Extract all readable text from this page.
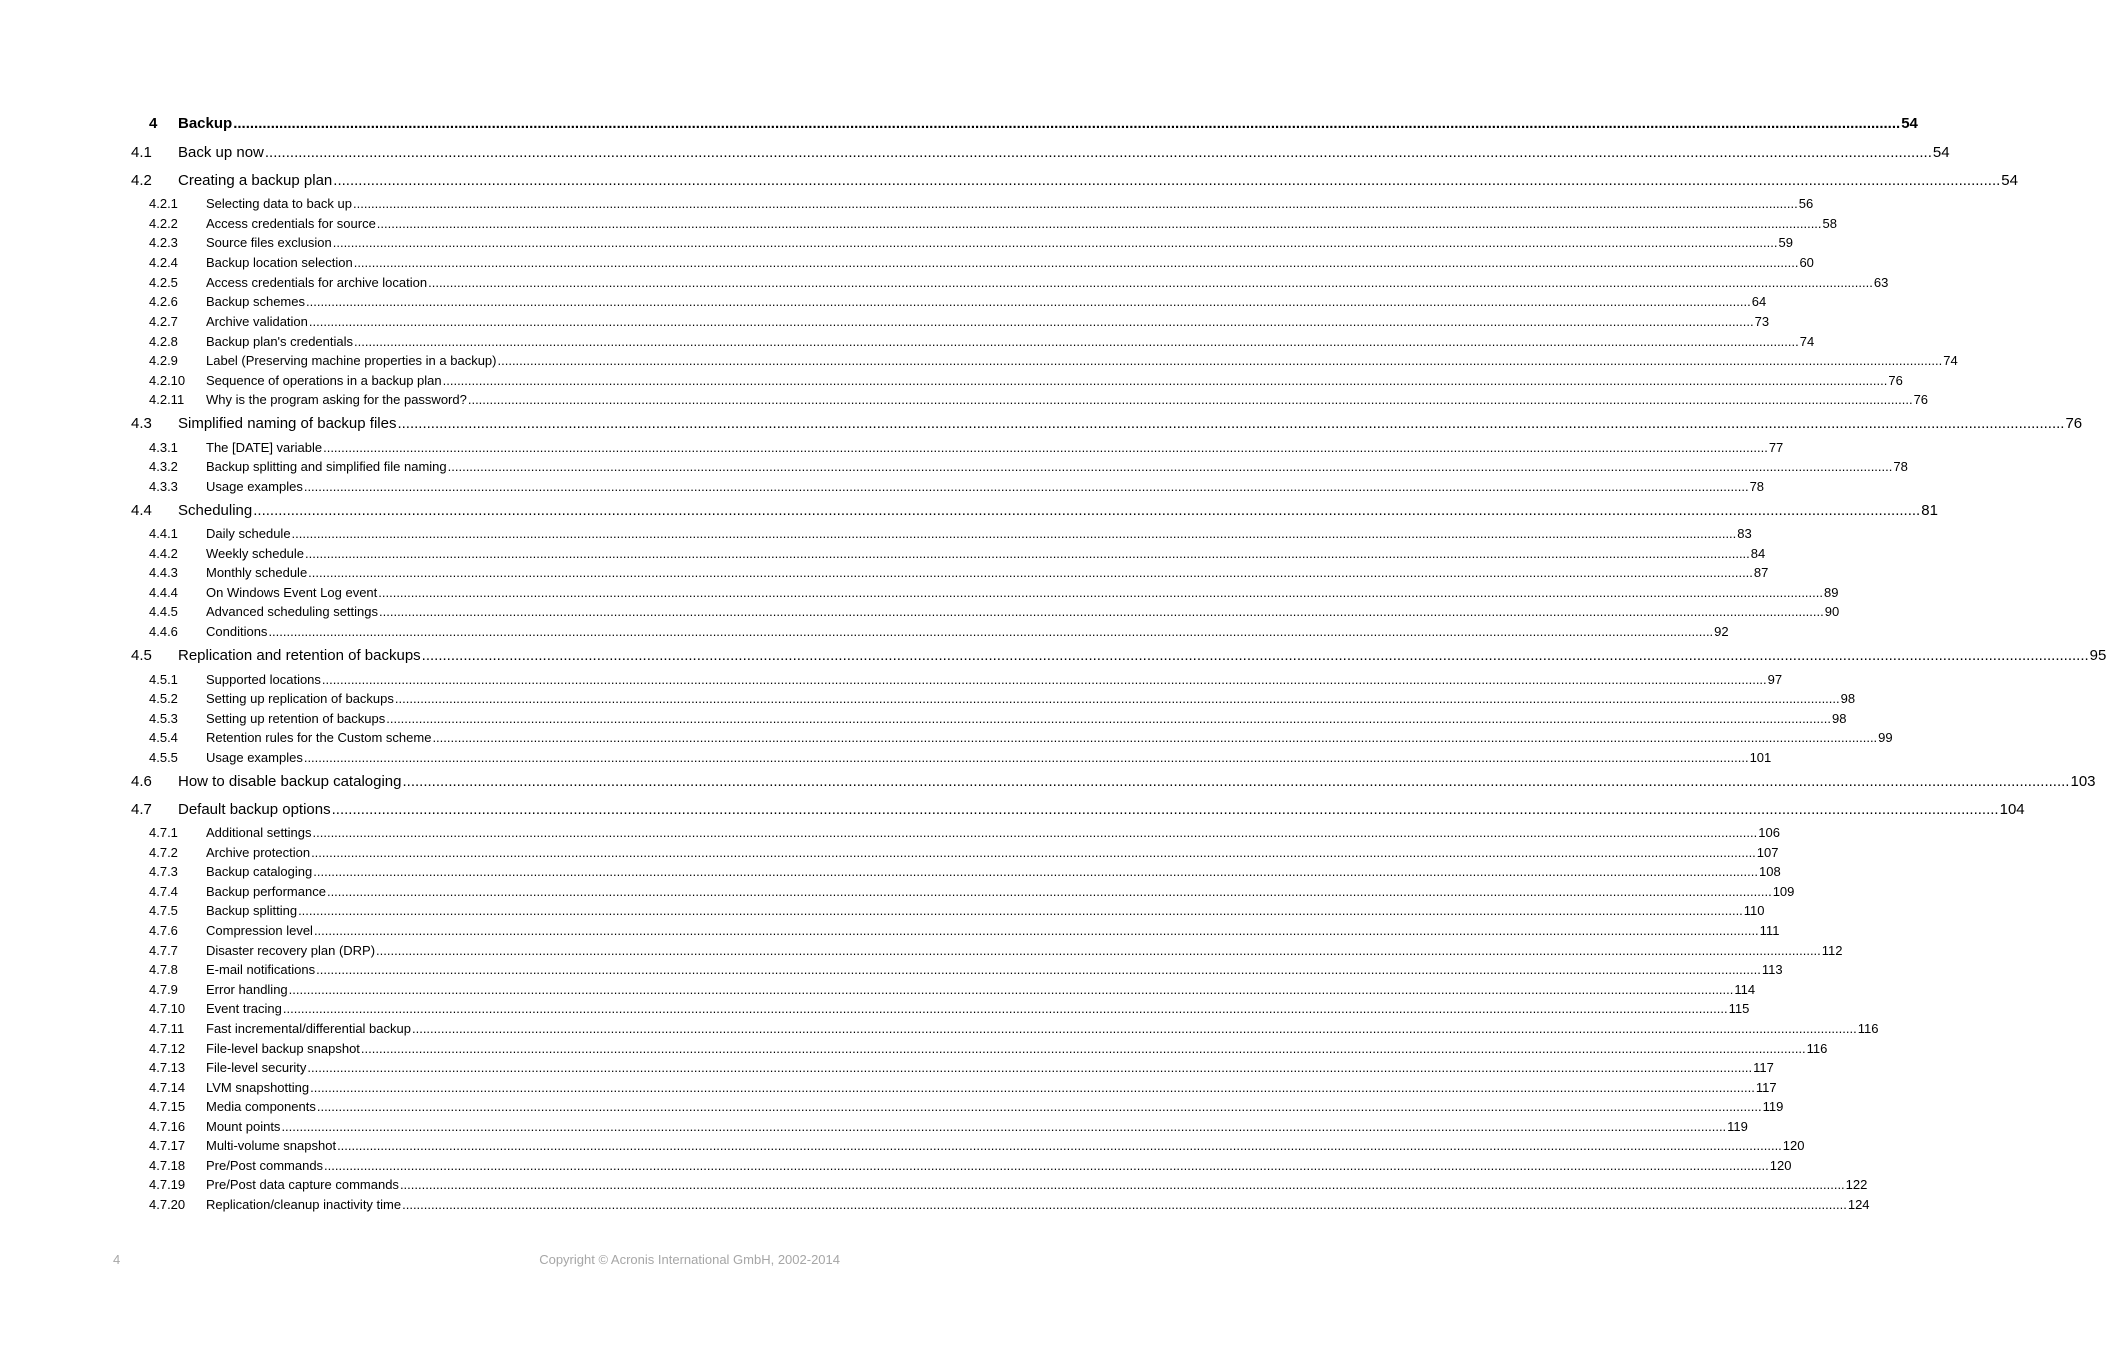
4	Backup ................................................................................................................................................................................................................................................................................................................................................................................................................ 54
4.1	Back up now ................................................................................................................................................................................................................................................................................................................................................................................................................ 54
4.2	Creating a backup plan ................................................................................................................................................................................................................................................................................................................................................................................................................ 54
4.2.1	Selecting data to back up ................................................................................................................................................................................................................................................................................................................................................................................................................ 56
4.2.2	Access credentials for source ................................................................................................................................................................................................................................................................................................................................................................................................................ 58
4.2.3	Source files exclusion ................................................................................................................................................................................................................................................................................................................................................................................................................ 59
4.2.4	Backup location selection ................................................................................................................................................................................................................................................................................................................................................................................................................ 60
4.2.5	Access credentials for archive location ................................................................................................................................................................................................................................................................................................................................................................................................................ 63
4.2.6	Backup schemes ................................................................................................................................................................................................................................................................................................................................................................................................................ 64
4.2.7	Archive validation ................................................................................................................................................................................................................................................................................................................................................................................................................ 73
4.2.8	Backup plan's credentials ................................................................................................................................................................................................................................................................................................................................................................................................................ 74
4.2.9	Label (Preserving machine properties in a backup) ................................................................................................................................................................................................................................................................................................................................................................................................................ 74
4.2.10	Sequence of operations in a backup plan ................................................................................................................................................................................................................................................................................................................................................................................................................ 76
4.2.11	Why is the program asking for the password? ................................................................................................................................................................................................................................................................................................................................................................................................................ 76
4.3	Simplified naming of backup files ................................................................................................................................................................................................................................................................................................................................................................................................................ 76
4.3.1	The [DATE] variable ................................................................................................................................................................................................................................................................................................................................................................................................................ 77
4.3.2	Backup splitting and simplified file naming ................................................................................................................................................................................................................................................................................................................................................................................................................ 78
4.3.3	Usage examples ................................................................................................................................................................................................................................................................................................................................................................................................................ 78
4.4	Scheduling ................................................................................................................................................................................................................................................................................................................................................................................................................ 81
4.4.1	Daily schedule ................................................................................................................................................................................................................................................................................................................................................................................................................ 83
4.4.2	Weekly schedule ................................................................................................................................................................................................................................................................................................................................................................................................................ 84
4.4.3	Monthly schedule ................................................................................................................................................................................................................................................................................................................................................................................................................ 87
4.4.4	On Windows Event Log event ................................................................................................................................................................................................................................................................................................................................................................................................................ 89
4.4.5	Advanced scheduling settings ................................................................................................................................................................................................................................................................................................................................................................................................................ 90
4.4.6	Conditions ................................................................................................................................................................................................................................................................................................................................................................................................................ 92
4.5	Replication and retention of backups ................................................................................................................................................................................................................................................................................................................................................................................................................ 95
4.5.1	Supported locations ................................................................................................................................................................................................................................................................................................................................................................................................................ 97
4.5.2	Setting up replication of backups ................................................................................................................................................................................................................................................................................................................................................................................................................ 98
4.5.3	Setting up retention of backups ................................................................................................................................................................................................................................................................................................................................................................................................................ 98
4.5.4	Retention rules for the Custom scheme ................................................................................................................................................................................................................................................................................................................................................................................................................ 99
4.5.5	Usage examples ................................................................................................................................................................................................................................................................................................................................................................................................................ 101
4.6	How to disable backup cataloging ................................................................................................................................................................................................................................................................................................................................................................................................................ 103
4.7	Default backup options ................................................................................................................................................................................................................................................................................................................................................................................................................ 104
4.7.1	Additional settings ................................................................................................................................................................................................................................................................................................................................................................................................................ 106
4.7.2	Archive protection ................................................................................................................................................................................................................................................................................................................................................................................................................ 107
4.7.3	Backup cataloging ................................................................................................................................................................................................................................................................................................................................................................................................................ 108
4.7.4	Backup performance ................................................................................................................................................................................................................................................................................................................................................................................................................ 109
4.7.5	Backup splitting ................................................................................................................................................................................................................................................................................................................................................................................................................ 110
4.7.6	Compression level ................................................................................................................................................................................................................................................................................................................................................................................................................ 111
4.7.7	Disaster recovery plan (DRP) ................................................................................................................................................................................................................................................................................................................................................................................................................ 112
4.7.8	E-mail notifications ................................................................................................................................................................................................................................................................................................................................................................................................................ 113
4.7.9	Error handling ................................................................................................................................................................................................................................................................................................................................................................................................................ 114
4.7.10	Event tracing ................................................................................................................................................................................................................................................................................................................................................................................................................ 115
4.7.11	Fast incremental/differential backup ................................................................................................................................................................................................................................................................................................................................................................................................................ 116
4.7.12	File-level backup snapshot ................................................................................................................................................................................................................................................................................................................................................................................................................ 116
4.7.13	File-level security ................................................................................................................................................................................................................................................................................................................................................................................................................ 117
4.7.14	LVM snapshotting ................................................................................................................................................................................................................................................................................................................................................................................................................ 117
4.7.15	Media components ................................................................................................................................................................................................................................................................................................................................................................................................................ 119
4.7.16	Mount points ................................................................................................................................................................................................................................................................................................................................................................................................................ 119
4.7.17	Multi-volume snapshot ................................................................................................................................................................................................................................................................................................................................................................................................................ 120
4.7.18	Pre/Post commands ................................................................................................................................................................................................................................................................................................................................................................................................................ 120
4.7.19	Pre/Post data capture commands ................................................................................................................................................................................................................................................................................................................................................................................................................ 122
4.7.20	Replication/cleanup inactivity time ................................................................................................................................................................................................................................................................................................................................................................................................................ 124
4	Copyright © Acronis International GmbH, 2002-2014
